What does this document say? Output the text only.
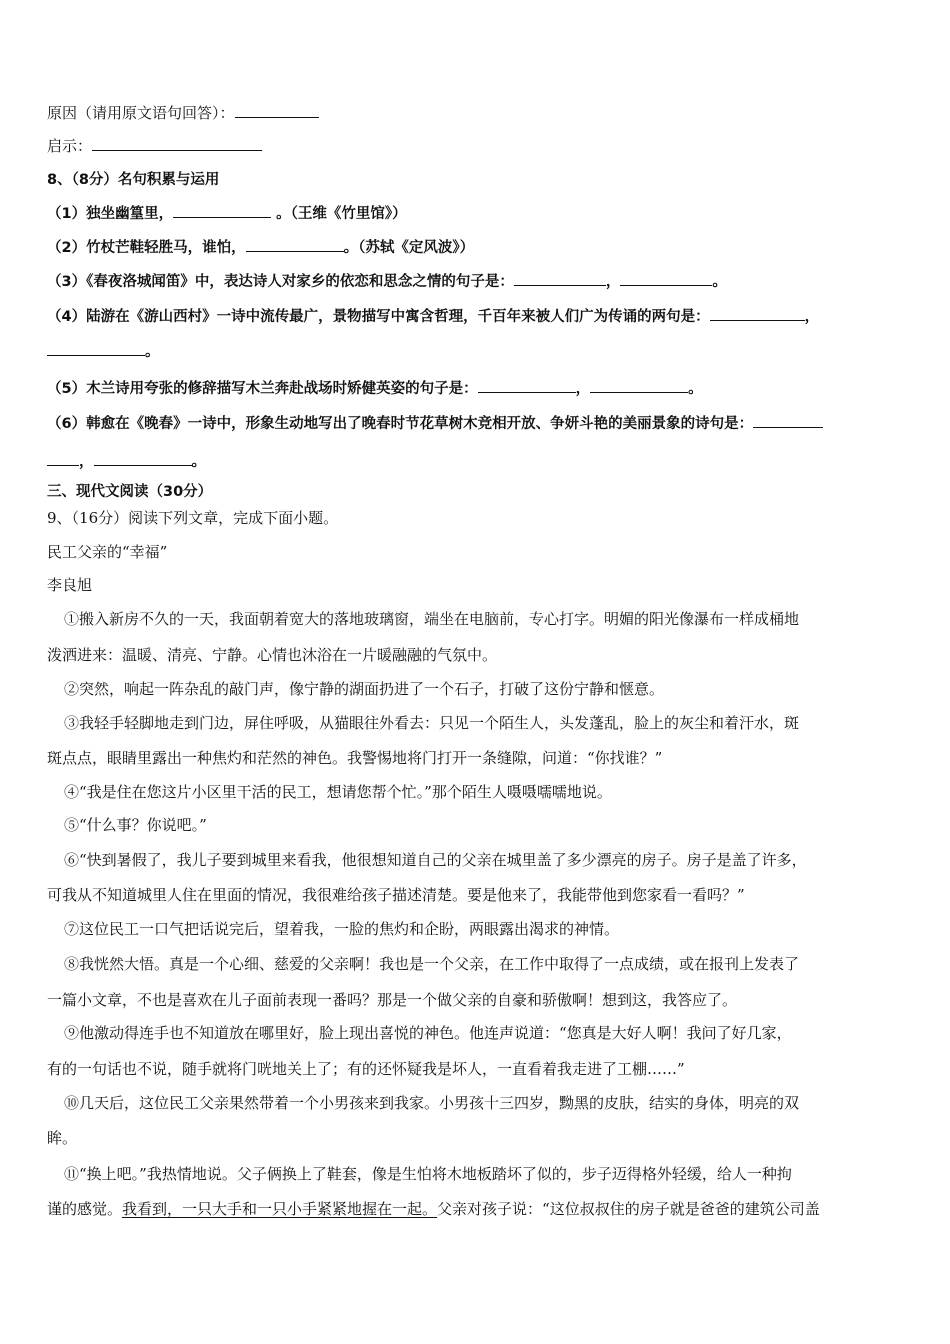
原因（请用原文语句回答）：
启示：
8、（8分）名句积累与运用
（1）独坐幽篁里，	。（王维《竹里馆》）
（2）竹杖芒鞋轻胜马，谁怕，	。（苏轼《定风波》）
（3）《春夜洛城闻笛》中，表达诗人对家乡的依恋和思念之情的句子是：	，	。
（4）陆游在《游山西村》一诗中流传最广，景物描写中寓含哲理，千百年来被人们广为传诵的两句是：	，
。
（5）木兰诗用夸张的修辞描写木兰奔赴战场时矫健英姿的句子是：	，	。
（6）韩愈在《晚春》一诗中，形象生动地写出了晚春时节花草树木竞相开放、争妍斗艳的美丽景象的诗句是：
，	。
三、现代文阅读（30分）
9、（16分）阅读下列文章，完成下面小题。
民工父亲的“幸福”
李良旭
①搬入新房不久的一天，我面朝着宽大的落地玻璃窗，端坐在电脑前，专心打字。明媚的阳光像瀑布一样成桶地
泼洒进来：温暖、清亮、宁静。心情也沐浴在一片暖融融的气氛中。
②突然，响起一阵杂乱的敲门声，像宁静的湖面扔进了一个石子，打破了这份宁静和惬意。
③我轻手轻脚地走到门边，屏住呼吸，从猫眼往外看去：只见一个陌生人，头发蓬乱，脸上的灰尘和着汗水，斑
斑点点，眼睛里露出一种焦灼和茫然的神色。我警惕地将门打开一条缝隙，问道：“你找谁？”
④“我是住在您这片小区里干活的民工，想请您帮个忙。”那个陌生人嗫嗫嚅嚅地说。
⑤“什么事？你说吧。”
⑥“快到暑假了，我儿子要到城里来看我，他很想知道自己的父亲在城里盖了多少漂亮的房子。房子是盖了许多，
可我从不知道城里人住在里面的情况，我很难给孩子描述清楚。要是他来了，我能带他到您家看一看吗？”
⑦这位民工一口气把话说完后，望着我，一脸的焦灼和企盼，两眼露出渴求的神情。
⑧我恍然大悟。真是一个心细、慈爱的父亲啊！我也是一个父亲，在工作中取得了一点成绩，或在报刊上发表了
一篇小文章，不也是喜欢在儿子面前表现一番吗？那是一个做父亲的自豪和骄傲啊！想到这，我答应了。
⑨他激动得连手也不知道放在哪里好，脸上现出喜悦的神色。他连声说道：“您真是大好人啊！我问了好几家，
有的一句话也不说，随手就将门咣地关上了；有的还怀疑我是坏人，一直看着我走进了工棚……”
⑩几天后，这位民工父亲果然带着一个小男孩来到我家。小男孩十三四岁，黝黑的皮肤，结实的身体，明亮的双
眸。
⑪“换上吧。”我热情地说。父子俩换上了鞋套，像是生怕将木地板踏坏了似的，步子迈得格外轻缓，给人一种拘
谨的感觉。我看到，一只大手和一只小手紧紧地握在一起。父亲对孩子说：“这位叔叔住的房子就是爸爸的建筑公司盖
